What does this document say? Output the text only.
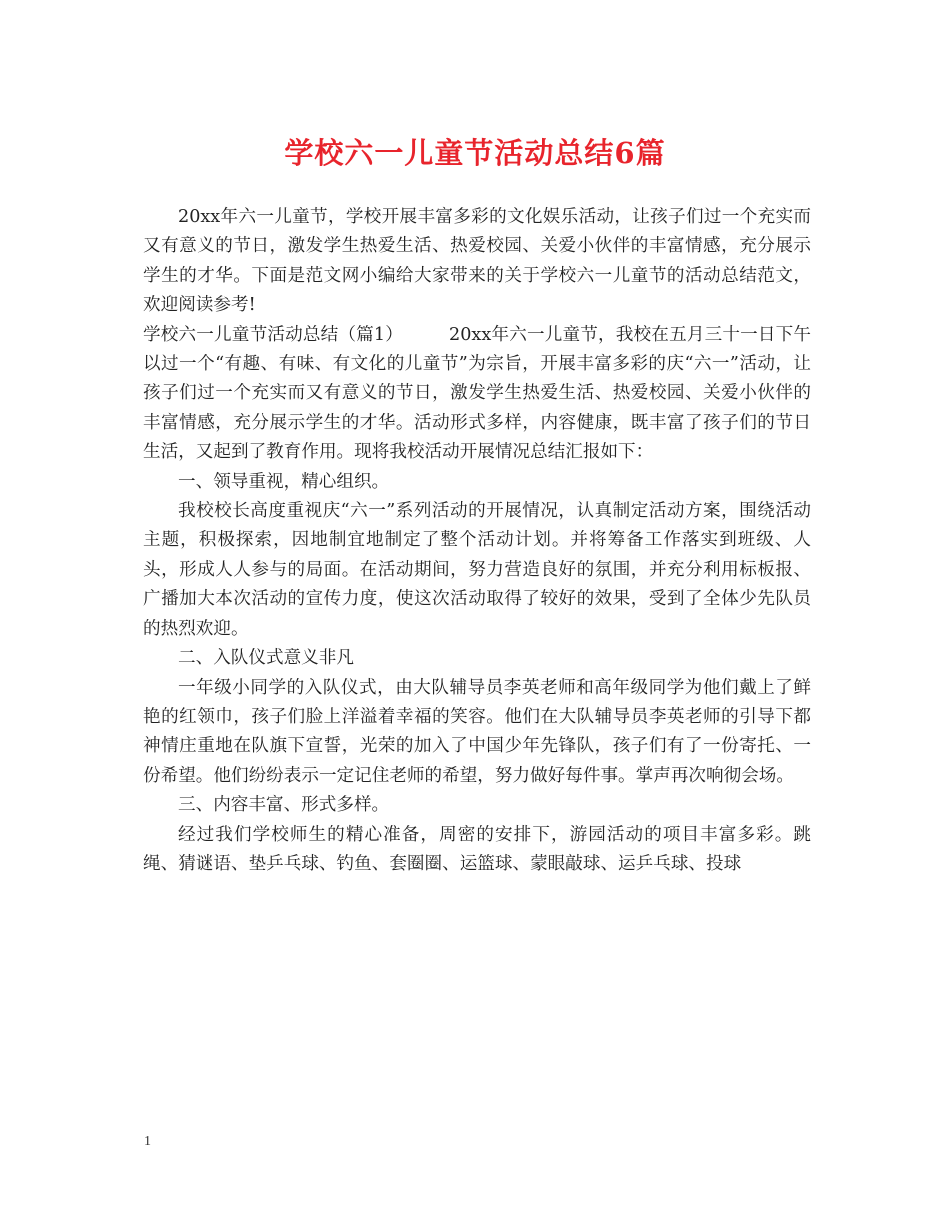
学校六一儿童节活动总结6篇

20xx年六一儿童节，学校开展丰富多彩的文化娱乐活动，让孩子们过一个充实而又有意义的节日，激发学生热爱生活、热爱校园、关爱小伙伴的丰富情感，充分展示学生的才华。下面是范文网小编给大家带来的关于学校六一儿童节的活动总结范文，欢迎阅读参考!

学校六一儿童节活动总结（篇1）	20xx年六一儿童节，我校在五月三十一日下午以过一个“有趣、有味、有文化的儿童节”为宗旨，开展丰富多彩的庆“六一”活动，让孩子们过一个充实而又有意义的节日，激发学生热爱生活、热爱校园、关爱小伙伴的丰富情感，充分展示学生的才华。活动形式多样，内容健康，既丰富了孩子们的节日生活，又起到了教育作用。现将我校活动开展情况总结汇报如下：

一、领导重视，精心组织。

我校校长高度重视庆“六一”系列活动的开展情况，认真制定活动方案，围绕活动主题，积极探索，因地制宜地制定了整个活动计划。并将筹备工作落实到班级、人头，形成人人参与的局面。在活动期间，努力营造良好的氛围，并充分利用标板报、广播加大本次活动的宣传力度，使这次活动取得了较好的效果，受到了全体少先队员的热烈欢迎。

二、入队仪式意义非凡

一年级小同学的入队仪式，由大队辅导员李英老师和高年级同学为他们戴上了鲜艳的红领巾，孩子们脸上洋溢着幸福的笑容。他们在大队辅导员李英老师的引导下都神情庄重地在队旗下宣誓，光荣的加入了中国少年先锋队，孩子们有了一份寄托、一份希望。他们纷纷表示一定记住老师的希望，努力做好每件事。掌声再次响彻会场。

三、内容丰富、形式多样。

经过我们学校师生的精心准备，周密的安排下，游园活动的项目丰富多彩。跳绳、猜谜语、垫乒乓球、钓鱼、套圈圈、运篮球、蒙眼敲球、运乒乓球、投球

1
